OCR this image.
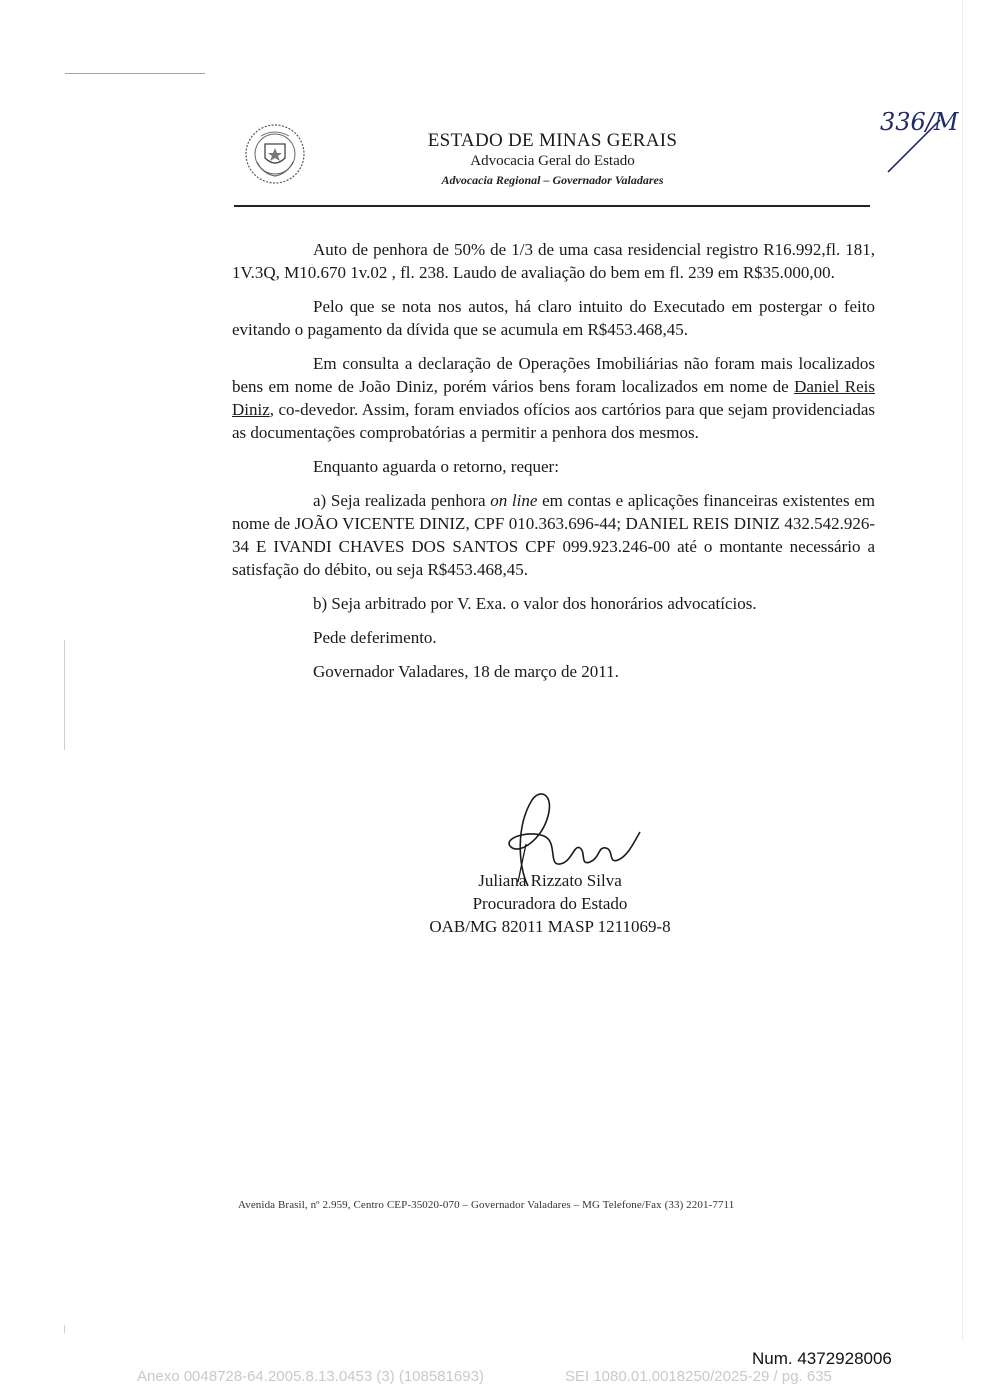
ESTADO DE MINAS GERAIS
Advocacia Geral do Estado
Advocacia Regional – Governador Valadares
336/M

Auto de penhora de 50% de 1/3 de uma casa residencial registro R16.992,fl. 181, 1V.3Q, M10.670 1v.02 , fl. 238. Laudo de avaliação do bem em fl. 239 em R$35.000,00.

Pelo que se nota nos autos, há claro intuito do Executado em postergar o feito evitando o pagamento da dívida que se acumula em R$453.468,45.

Em consulta a declaração de Operações Imobiliárias não foram mais localizados bens em nome de João Diniz, porém vários bens foram localizados em nome de Daniel Reis Diniz, co-devedor. Assim, foram enviados ofícios aos cartórios para que sejam providenciadas as documentações comprobatórias a permitir a penhora dos mesmos.

Enquanto aguarda o retorno, requer:

a) Seja realizada penhora on line em contas e aplicações financeiras existentes em nome de JOÃO VICENTE DINIZ, CPF 010.363.696-44; DANIEL REIS DINIZ 432.542.926-34 E IVANDI CHAVES DOS SANTOS CPF 099.923.246-00 até o montante necessário a satisfação do débito, ou seja R$453.468,45.

b) Seja arbitrado por V. Exa. o valor dos honorários advocatícios.

Pede deferimento.

Governador Valadares, 18 de março de 2011.

Juliana Rizzato Silva
Procuradora do Estado
OAB/MG 82011 MASP 1211069-8
Avenida Brasil, nº 2.959, Centro CEP-35020-070 – Governador Valadares – MG Telefone/Fax (33) 2201-7711
Num. 4372928006
Anexo 0048728-64.2005.8.13.0453 (3) (108581693)	SEI 1080.01.0018250/2025-29 / pg. 635
